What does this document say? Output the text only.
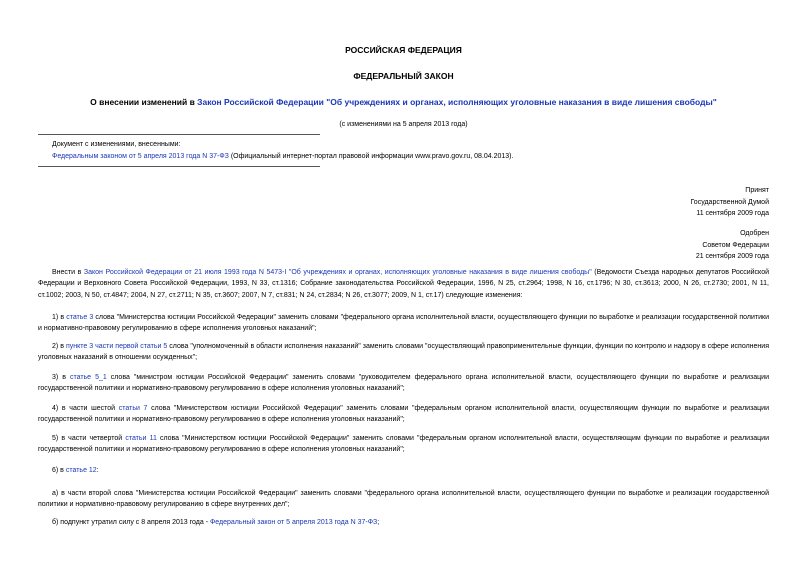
РОССИЙСКАЯ ФЕДЕРАЦИЯ
ФЕДЕРАЛЬНЫЙ ЗАКОН
О внесении изменений в Закон Российской Федерации "Об учреждениях и органах, исполняющих уголовные наказания в виде лишения свободы"
(с изменениями на 5 апреля 2013 года)
Документ с изменениями, внесенными:
Федеральным законом от 5 апреля 2013 года N 37-ФЗ (Официальный интернет-портал правовой информации www.pravo.gov.ru, 08.04.2013).
Принят
Государственной Думой
11 сентября 2009 года
Одобрен
Советом Федерации
21 сентября 2009 года
Внести в Закон Российской Федерации от 21 июля 1993 года N 5473-I "Об учреждениях и органах, исполняющих уголовные наказания в виде лишения свободы" (Ведомости Съезда народных депутатов Российской Федерации и Верховного Совета Российской Федерации, 1993, N 33, ст.1316; Собрание законодательства Российской Федерации, 1996, N 25, ст.2964; 1998, N 16, ст.1796; N 30, ст.3613; 2000, N 26, ст.2730; 2001, N 11, ст.1002; 2003, N 50, ст.4847; 2004, N 27, ст.2711; N 35, ст.3607; 2007, N 7, ст.831; N 24, ст.2834; N 26, ст.3077; 2009, N 1, ст.17) следующие изменения:
1) в статье 3 слова "Министерства юстиции Российской Федерации" заменить словами "федерального органа исполнительной власти, осуществляющего функции по выработке и реализации государственной политики и нормативно-правовому регулированию в сфере исполнения уголовных наказаний";
2) в пункте 3 части первой статьи 5 слова "уполномоченный в области исполнения наказаний" заменить словами "осуществляющий правоприменительные функции, функции по контролю и надзору в сфере исполнения уголовных наказаний в отношении осужденных";
3) в статье 5_1 слова "министром юстиции Российской Федерации" заменить словами "руководителем федерального органа исполнительной власти, осуществляющего функции по выработке и реализации государственной политики и нормативно-правовому регулированию в сфере исполнения уголовных наказаний";
4) в части шестой статьи 7 слова "Министерством юстиции Российской Федерации" заменить словами "федеральным органом исполнительной власти, осуществляющим функции по выработке и реализации государственной политики и нормативно-правовому регулированию в сфере исполнения уголовных наказаний";
5) в части четвертой статьи 11 слова "Министерством юстиции Российской Федерации" заменить словами "федеральным органом исполнительной власти, осуществляющим функции по выработке и реализации государственной политики и нормативно-правовому регулированию в сфере исполнения уголовных наказаний";
6) в статье 12:
а) в части второй слова "Министерства юстиции Российской Федерации" заменить словами "федерального органа исполнительной власти, осуществляющего функции по выработке и реализации государственной политики и нормативно-правовому регулированию в сфере внутренних дел";
б) подпункт утратил силу с 8 апреля 2013 года - Федеральный закон от 5 апреля 2013 года N 37-ФЗ;
